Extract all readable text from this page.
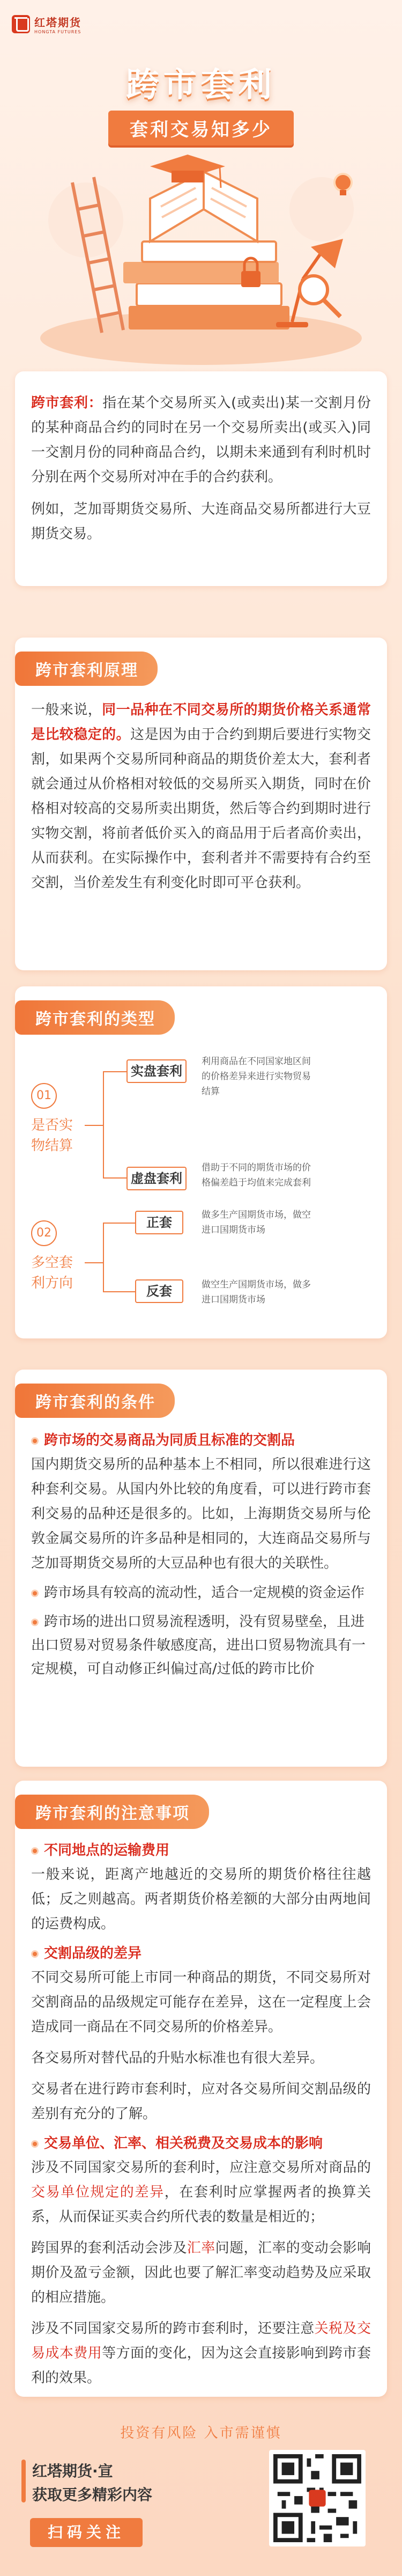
红塔期货
HONGTA FUTURES
跨市套利
套利交易知多少

跨市套利：指在某个交易所买入(或卖出)某一交割月份的某种商品合约的同时在另一个交易所卖出(或买入)同一交割月份的同种商品合约，以期未来通到有利时机时分别在两个交易所对冲在手的合约获利。

例如，芝加哥期货交易所、大连商品交易所都进行大豆期货交易。

跨市套利原理

一般来说，同一品种在不同交易所的期货价格关系通常是比较稳定的。这是因为由于合约到期后要进行实物交割，如果两个交易所同种商品的期货价差太大，套利者就会通过从价格相对较低的交易所买入期货，同时在价格相对较高的交易所卖出期货，然后等合约到期时进行实物交割，将前者低价买入的商品用于后者高价卖出，从而获利。在实际操作中，套利者并不需要持有合约至交割，当价差发生有利变化时即可平仓获利。

跨市套利的类型
01
是否实物结算
实盘套利
利用商品在不同国家地区间的价格差异来进行实物贸易结算
虚盘套利
借助于不同的期货市场的价格偏差趋于均值来完成套利
02
多空套利方向
正套	做多生产国期货市场，做空进口国期货市场
反套	做空生产国期货市场，做多进口国期货市场
跨市套利的条件
跨市场的交易商品为同质且标准的交割品

国内期货交易所的品种基本上不相同，所以很难进行这种套利交易。从国内外比较的角度看，可以进行跨市套利交易的品种还是很多的。比如，上海期货交易所与伦敦金属交易所的许多品种是相同的，大连商品交易所与芝加哥期货交易所的大豆品种也有很大的关联性。

跨市场具有较高的流动性，适合一定规模的资金运作
跨市场的进出口贸易流程透明，没有贸易壁垒，且进出口贸易对贸易条件敏感度高，进出口贸易物流具有一定规模，可自动修正纠偏过高/过低的跨市比价
跨市套利的注意事项
不同地点的运输费用

一般来说，距离产地越近的交易所的期货价格往往越低；反之则越高。两者期货价格差额的大部分由两地间的运费构成。

交割品级的差异

不同交易所可能上市同一种商品的期货，不同交易所对交割商品的品级规定可能存在差异，这在一定程度上会造成同一商品在不同交易所的价格差异。

各交易所对替代品的升贴水标准也有很大差异。

交易者在进行跨市套利时，应对各交易所间交割品级的差别有充分的了解。

交易单位、汇率、相关税费及交易成本的影响

涉及不同国家交易所的套利时，应注意交易所对商品的交易单位规定的差异，在套利时应掌握两者的换算关系，从而保证买卖合约所代表的数量是相近的；

跨国界的套利活动会涉及汇率问题，汇率的变动会影响期价及盈亏金额，因此也要了解汇率变动趋势及应采取的相应措施。

涉及不同国家交易所的跨市套利时，还要注意关税及交易成本费用等方面的变化，因为这会直接影响到跨市套利的效果。

投资有风险 入市需谨慎
红塔期货·宣
获取更多精彩内容
扫码关注
